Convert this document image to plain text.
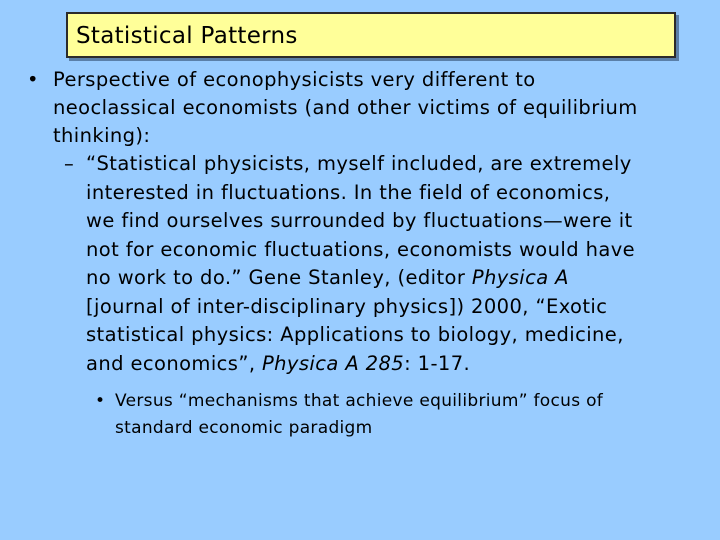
Statistical Patterns
• Perspective of econophysicists very different to
neoclassical economists (and other victims of equilibrium
thinking):
– “Statistical physicists, myself included, are extremely
interested in fluctuations. In the field of economics,
we find ourselves surrounded by fluctuations—were it
not for economic fluctuations, economists would have
no work to do.” Gene Stanley, (editor Physica A
[journal of inter-disciplinary physics]) 2000, “Exotic
statistical physics: Applications to biology, medicine,
and economics”, Physica A 285: 1-17.
• Versus “mechanisms that achieve equilibrium” focus of
standard economic paradigm
